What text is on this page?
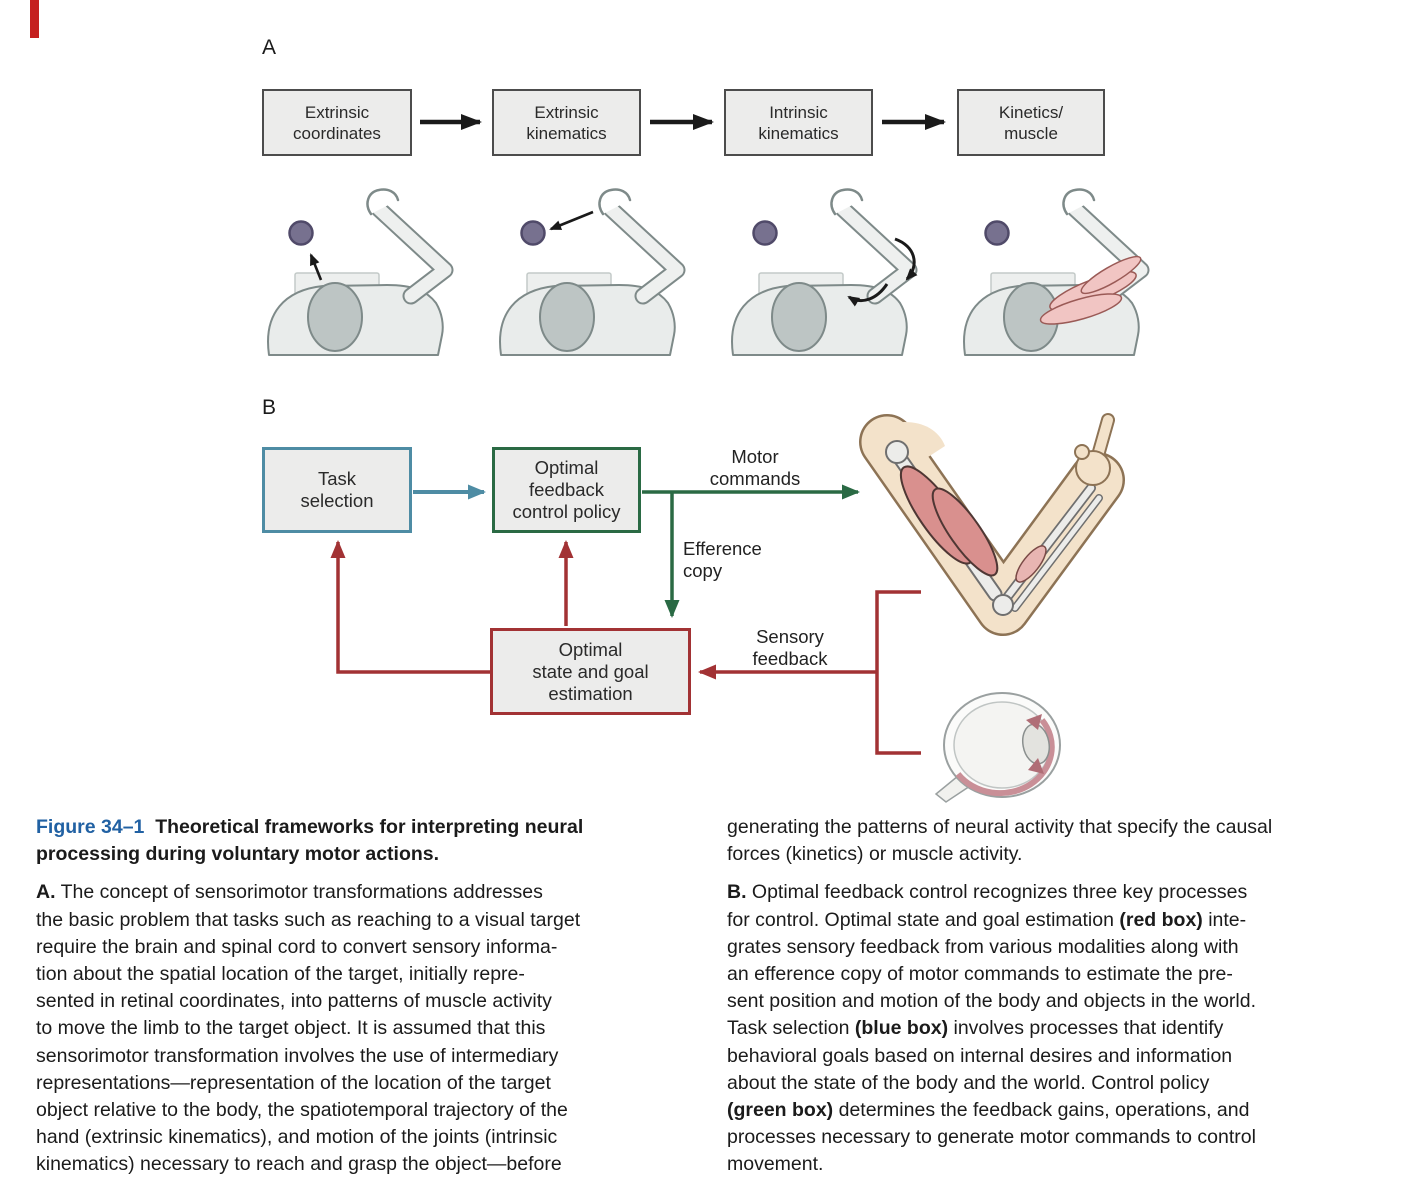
A
Extrinsic
coordinates
Extrinsic
kinematics
Intrinsic
kinematics
Kinetics/
muscle
B
Task
selection
Optimal
feedback
control policy
Optimal
state and goal
estimation
Motor
commands
Efference
copy
Sensory
feedback
Figure 34–1  Theoretical frameworks for interpreting neural
processing during voluntary motor actions.
A. The concept of sensorimotor transformations addresses
the basic problem that tasks such as reaching to a visual target
require the brain and spinal cord to convert sensory informa-
tion about the spatial location of the target, initially repre-
sented in retinal coordinates, into patterns of muscle activity
to move the limb to the target object. It is assumed that this
sensorimotor transformation involves the use of intermediary
representations—representation of the location of the target
object relative to the body, the spatiotemporal trajectory of the
hand (extrinsic kinematics), and motion of the joints (intrinsic
kinematics) necessary to reach and grasp the object—before
generating the patterns of neural activity that specify the causal
forces (kinetics) or muscle activity.
B. Optimal feedback control recognizes three key processes
for control. Optimal state and goal estimation (red box) inte-
grates sensory feedback from various modalities along with
an efference copy of motor commands to estimate the pre-
sent position and motion of the body and objects in the world.
Task selection (blue box) involves processes that identify
behavioral goals based on internal desires and information
about the state of the body and the world. Control policy
(green box) determines the feedback gains, operations, and
processes necessary to generate motor commands to control
movement.
